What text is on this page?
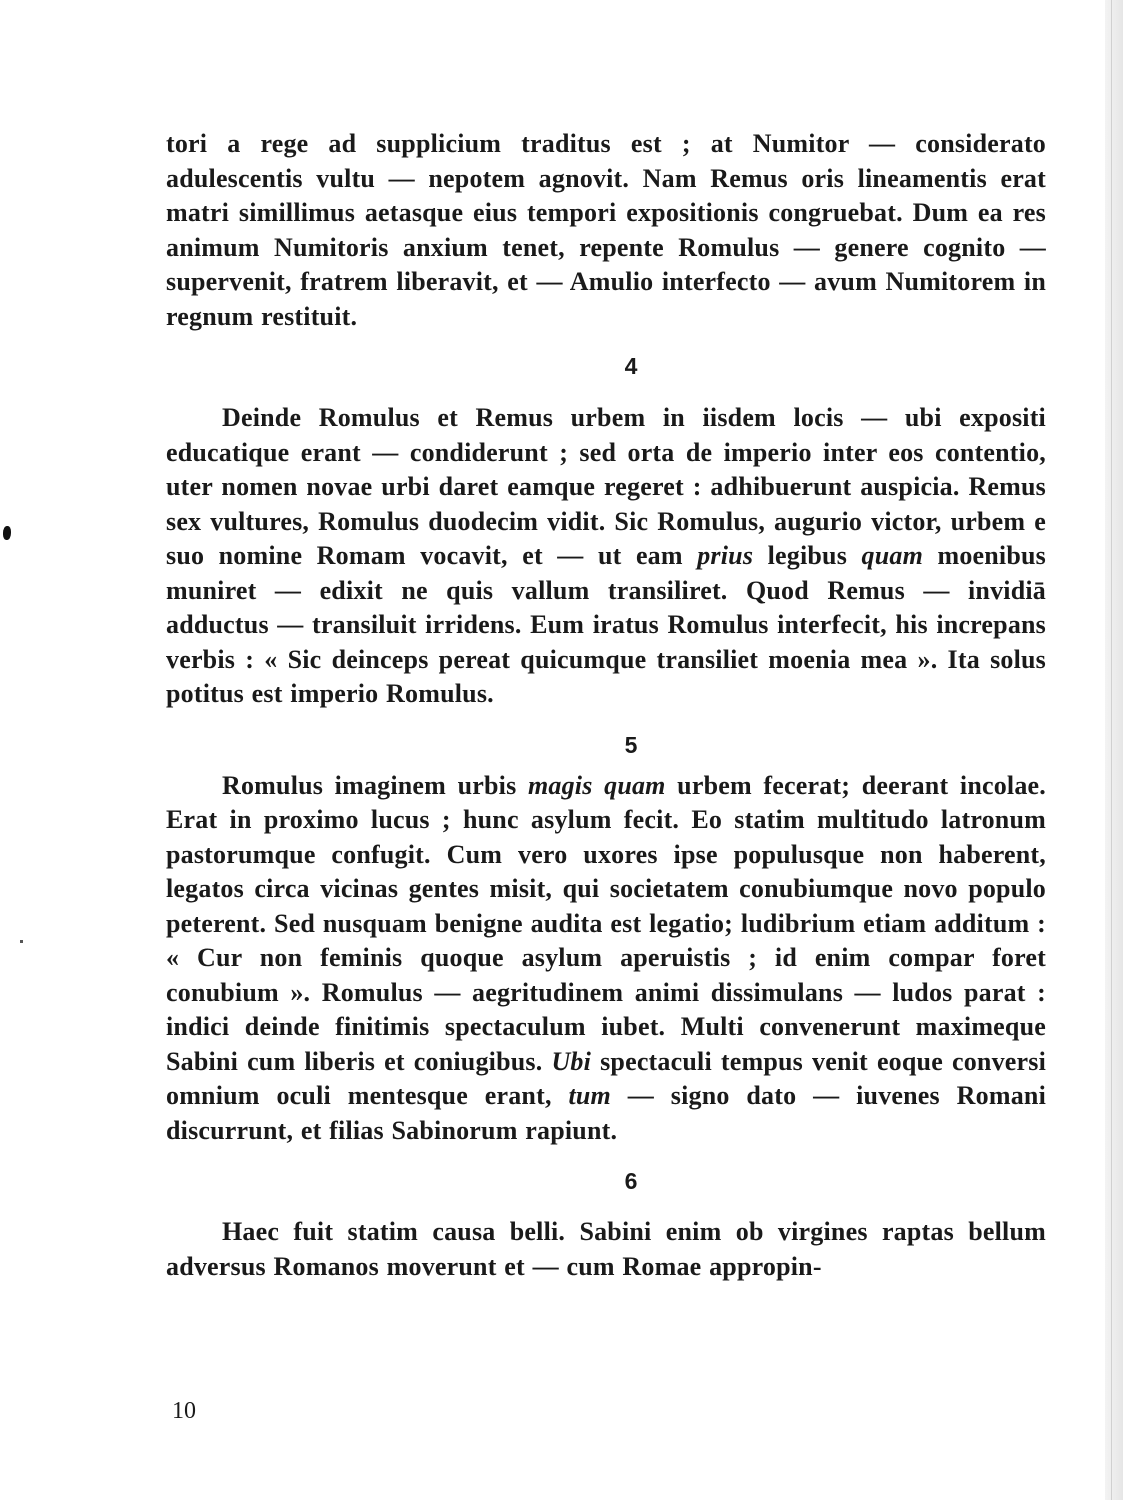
tori a rege ad supplicium traditus est ; at Numitor — considerato adulescentis vultu — nepotem agnovit. Nam Remus oris lineamentis erat matri simillimus aetasque eius tempori expositionis congruebat. Dum ea res animum Numitoris anxium tenet, repente Romulus — genere cognito — supervenit, fratrem liberavit, et — Amulio interfecto — avum Numitorem in regnum restituit.

4

Deinde Romulus et Remus urbem in iisdem locis — ubi expositi educatique erant — condiderunt ; sed orta de imperio inter eos contentio, uter nomen novae urbi daret eamque regeret : adhibuerunt auspicia. Remus sex vultures, Romulus duodecim vidit. Sic Romulus, augurio victor, urbem e suo nomine Romam vocavit, et — ut eam prius legibus quam moenibus muniret — edixit ne quis vallum transiliret. Quod Remus — invidiā adductus — transiluit irridens. Eum iratus Romulus interfecit, his increpans verbis : « Sic deinceps pereat quicumque transiliet moenia mea ». Ita solus potitus est imperio Romulus.

5

Romulus imaginem urbis magis quam urbem fecerat; deerant incolae. Erat in proximo lucus ; hunc asylum fecit. Eo statim multitudo latronum pastorumque confugit. Cum vero uxores ipse populusque non haberent, legatos circa vicinas gentes misit, qui societatem conubiumque novo populo peterent. Sed nusquam benigne audita est legatio; ludibrium etiam additum : « Cur non feminis quoque asylum aperuistis ; id enim compar foret conubium ». Romulus — aegritudinem animi dissimulans — ludos parat : indici deinde finitimis spectaculum iubet. Multi convenerunt maximeque Sabini cum liberis et coniugibus. Ubi spectaculi tempus venit eoque conversi omnium oculi mentesque erant, tum — signo dato — iuvenes Romani discurrunt, et filias Sabinorum rapiunt.

6

Haec fuit statim causa belli. Sabini enim ob virgines raptas bellum adversus Romanos moverunt et — cum Romae appropin-

10
